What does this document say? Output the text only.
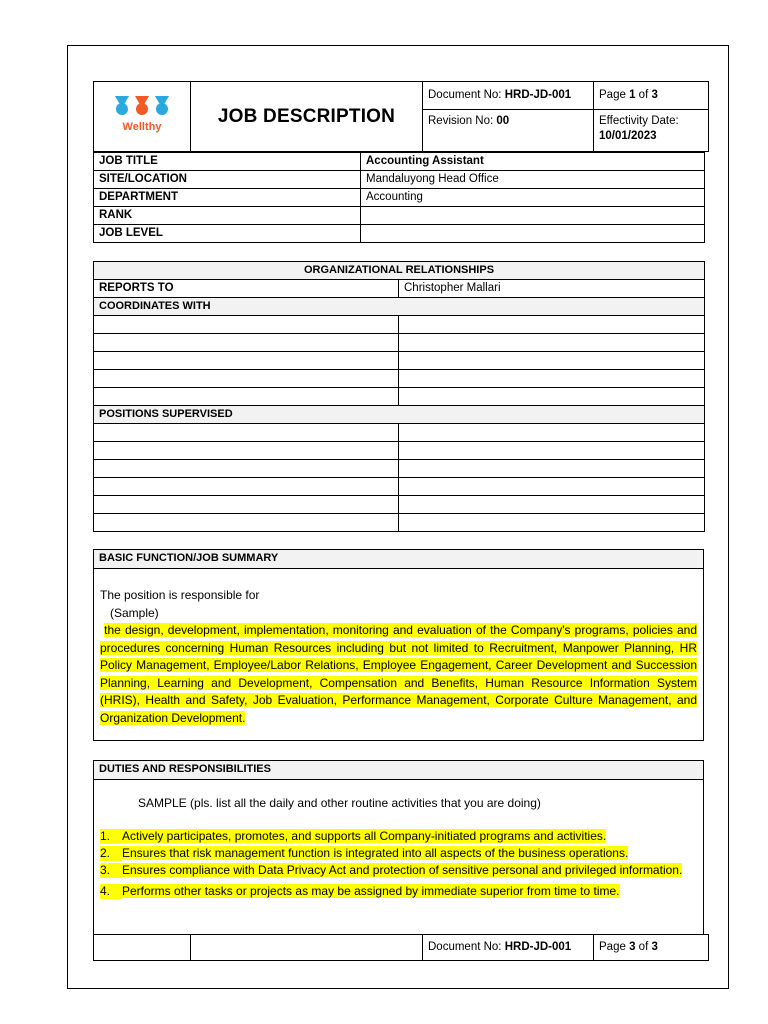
Wellthy	JOB DESCRIPTION	Document No: HRD-JD-001	Page 1 of 3
		Revision No: 00	Effectivity Date:
10/01/2023
JOB TITLE	Accounting Assistant
SITE/LOCATION	Mandaluyong Head Office
DEPARTMENT	Accounting
RANK	
JOB LEVEL	
ORGANIZATIONAL RELATIONSHIPS	
REPORTS TO	Christopher Mallari
COORDINATES WITH	

POSITIONS SUPERVISED	

BASIC FUNCTION/JOB SUMMARY

The position is responsible for

(Sample)

the design, development, implementation, monitoring and evaluation of the Company's programs, policies and procedures concerning Human Resources including but not limited to Recruitment, Manpower Planning, HR Policy Management, Employee/Labor Relations, Employee Engagement, Career Development and Succession Planning, Learning and Development, Compensation and Benefits, Human Resource Information System (HRIS), Health and Safety, Job Evaluation, Performance Management, Corporate Culture Management, and Organization Development.

DUTIES AND RESPONSIBILITIES
SAMPLE (pls. list all the daily and other routine activities that you are doing)
1. Actively participates, promotes, and supports all Company-initiated programs and activities.
2. Ensures that risk management function is integrated into all aspects of the business operations.
3. Ensures compliance with Data Privacy Act and protection of sensitive personal and privileged information.
4. Performs other tasks or projects as may be assigned by immediate superior from time to time.
		Document No: HRD-JD-001	Page 3 of 3
